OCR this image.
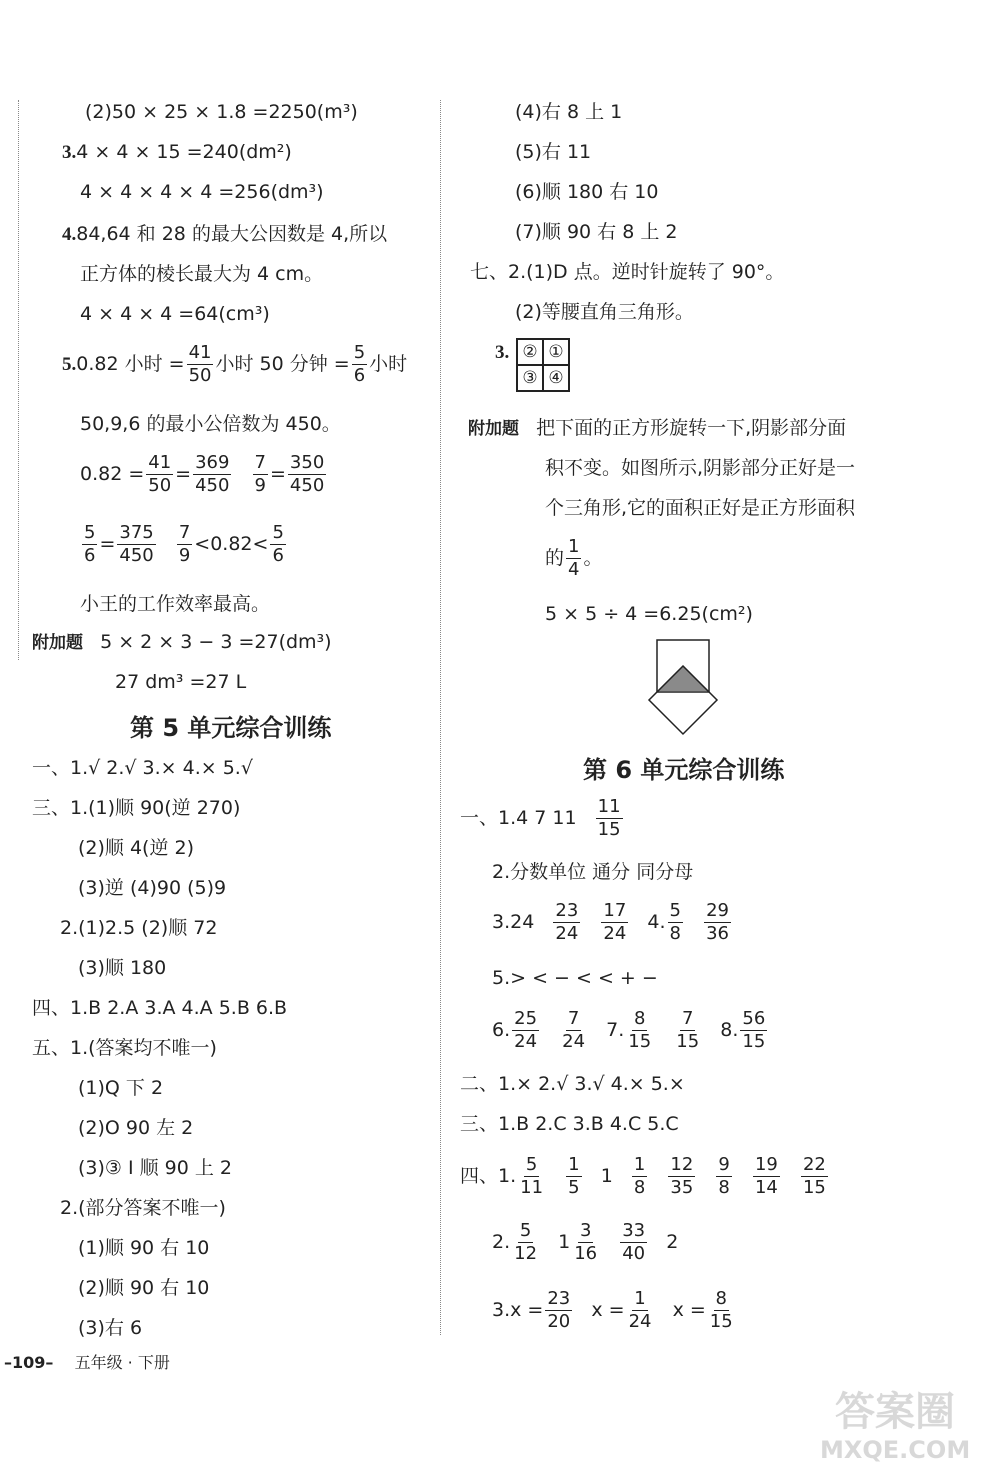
(2)50 × 25 × 1.8 =2250(m³)
3.4 × 4 × 15 =240(dm²)
4 × 4 × 4 × 4 =256(dm³)
4.84,64 和 28 的最大公因数是 4,所以
正方体的棱长最大为 4 cm。
4 × 4 × 4 =64(cm³)
5.0.82 小时 = $\frac{41}{50}$ 小时 50 分钟 = $\frac{5}{6}$ 小时
50,9,6 的最小公倍数为 450。
$0.82 = \frac{41}{50} = \frac{369}{450} \frac{7}{9} = \frac{350}{450}$
$\frac{5}{6} = \frac{375}{450} \frac{7}{9} <0.82< \frac{5}{6}$
小王的工作效率最高。
附加题 5 × 2 × 3 − 3 =27(dm³)
27 dm³ =27 L
第 5 单元综合训练
一、1.√ 2.√ 3.× 4.× 5.√
三、1.(1)顺 90(逆 270)
(2)顺 4(逆 2)
(3)逆 (4)90 (5)9
2.(1)2.5 (2)顺 72
(3)顺 180
四、1.B 2.A 3.A 4.A 5.B 6.B
五、1.(答案均不唯一)
(1)Q 下 2
(2)O 90 左 2
(3)③ I 顺 90 上 2
2.(部分答案不唯一)
(1)顺 90 右 10
(2)顺 90 右 10
(3)右 6
(4)右 8 上 1
(5)右 11
(6)顺 180 右 10
(7)顺 90 右 8 上 2
七、2.(1)D 点。逆时针旋转了 90°。
(2)等腰直角三角形。
3. ② ①
③ ④
附加题 把下面的正方形旋转一下,阴影部分面
积不变。如图所示,阴影部分正好是一
个三角形,它的面积正好是正方形面积
的 $\frac{1}{4}$ 。
5 × 5 ÷ 4 =6.25(cm²)
第 6 单元综合训练
一、1.4 7 $11 \frac{11}{15}$
2.分数单位 通分 同分母
$3.24 \frac{23}{24} \frac{17}{24} 4$. $\frac{5}{8} \frac{29}{36}$
5.> < − < < + −
6. $\frac{25}{24} \frac{7}{24} 7$. $\frac{8}{15} \frac{7}{15} 8$. $\frac{56}{15}$
二、1.× 2.√ 3.√ 4.× 5.×
三、1.B 2.C 3.B 4.C 5.C
四、1. $\frac{5}{11} \frac{1}{5} 1 \frac{1}{8} \frac{12}{35} \frac{9}{8} \frac{19}{14} \frac{22}{15}$
2. $\frac{5}{12} 1 \frac{3}{16} \frac{33}{40} 2$
$3.x = \frac{23}{20}$ $x = \frac{1}{24}$ $x = \frac{8}{15}$
–109– 五年级 · 下册
答案圈
MXQE.COM
